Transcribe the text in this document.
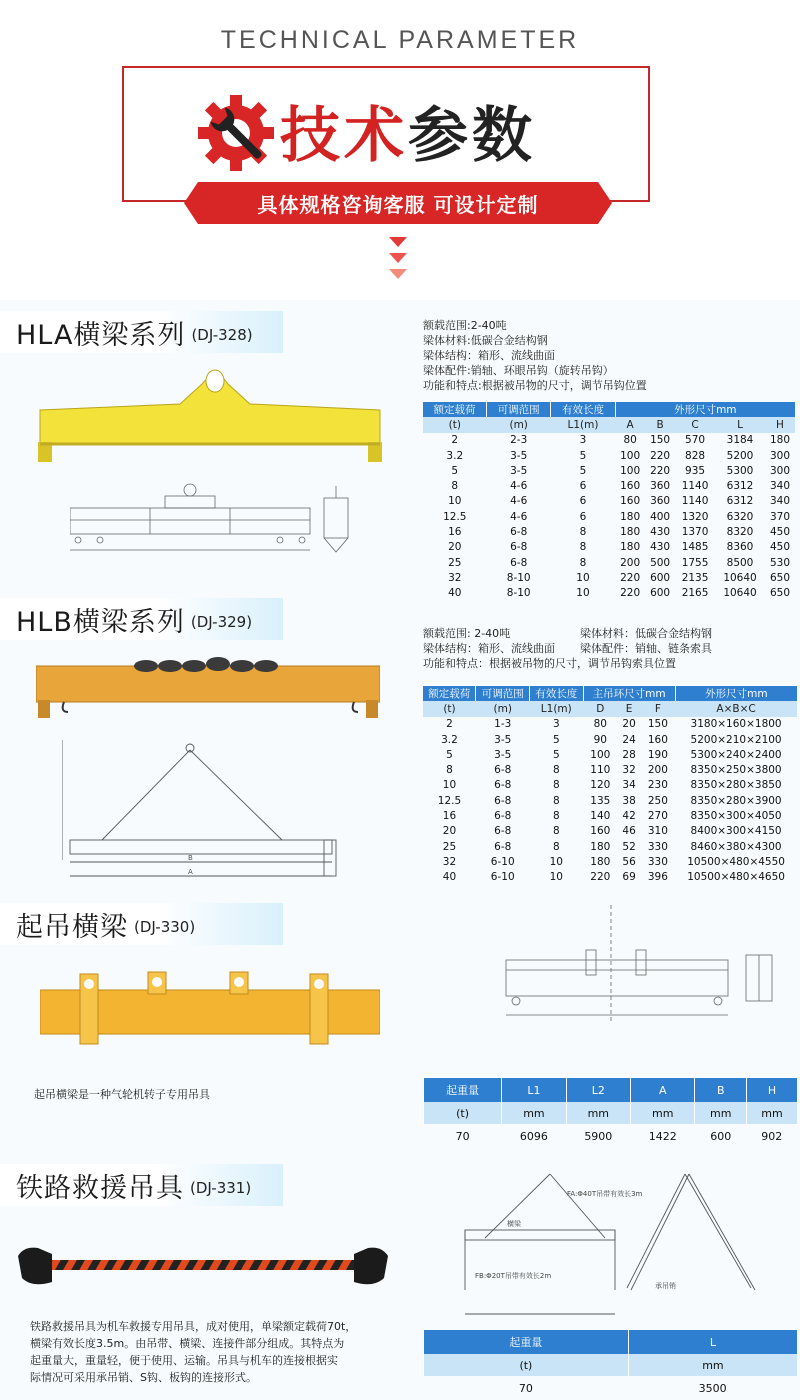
TECHNICAL PARAMETER
技术参数
具体规格咨询客服 可设计定制
HLA横梁系列 (DJ-328)
额载范围:2-40吨
梁体材料:低碳合金结构钢
梁体结构：箱形、流线曲面
梁体配件:销轴、环眼吊钩（旋转吊钩）
功能和特点:根据被吊物的尺寸，调节吊钩位置
额定载荷	可调范围	有效长度	外形尺寸mm				
(t)	(m)	L1(m)	A	B	C	L	H
2	2-3	3	80	150	570	3184	180
3.2	3-5	5	100	220	828	5200	300
5	3-5	5	100	220	935	5300	300
8	4-6	6	160	360	1140	6312	340
10	4-6	6	160	360	1140	6312	340
12.5	4-6	6	180	400	1320	6320	370
16	6-8	8	180	430	1370	8320	450
20	6-8	8	180	430	1485	8360	450
25	6-8	8	200	500	1755	8500	530
32	8-10	10	220	600	2135	10640	650
40	8-10	10	220	600	2165	10640	650
HLB横梁系列 (DJ-329)
B
A
额载范围: 2-40吨
梁体结构：箱形、流线曲面
功能和特点：根据被吊物的尺寸，调节吊钩索具位置
梁体材料：低碳合金结构钢
梁体配件：销轴、链条索具
额定载荷	可调范围	有效长度	主吊环尺寸mm			外形尺寸mm
(t)	(m)	L1(m)	D	E	F	A×B×C
2	1-3	3	80	20	150	3180×160×1800
3.2	3-5	5	90	24	160	5200×210×2100
5	3-5	5	100	28	190	5300×240×2400
8	6-8	8	110	32	200	8350×250×3800
10	6-8	8	120	34	230	8350×280×3850
12.5	6-8	8	135	38	250	8350×280×3900
16	6-8	8	140	42	270	8350×300×4050
20	6-8	8	160	46	310	8400×300×4150
25	6-8	8	180	52	330	8460×380×4300
32	6-10	10	180	56	330	10500×480×4550
40	6-10	10	220	69	396	10500×480×4650
起吊横梁 (DJ-330)
起吊横梁是一种气轮机转子专用吊具	起重量	L1	L2	A	B	H
(t)	mm	mm	mm	mm	mm
70	6096	5900	1422	600	902
铁路救援吊具 (DJ-331)
铁路救援吊具为机车救援专用吊具，成对使用，单梁额定载荷70t，
横梁有效长度3.5m。由吊带、横梁、连接件部分组成。其特点为
起重量大，重量轻，便于使用、运输。吊具与机车的连接根据实
际情况可采用承吊销、S钩、板钩的连接形式。
FA:Φ40T吊带有效长3m
FB:Φ20T吊带有效长2m
横梁
承吊销
起重量	L
(t)	mm
70	3500
